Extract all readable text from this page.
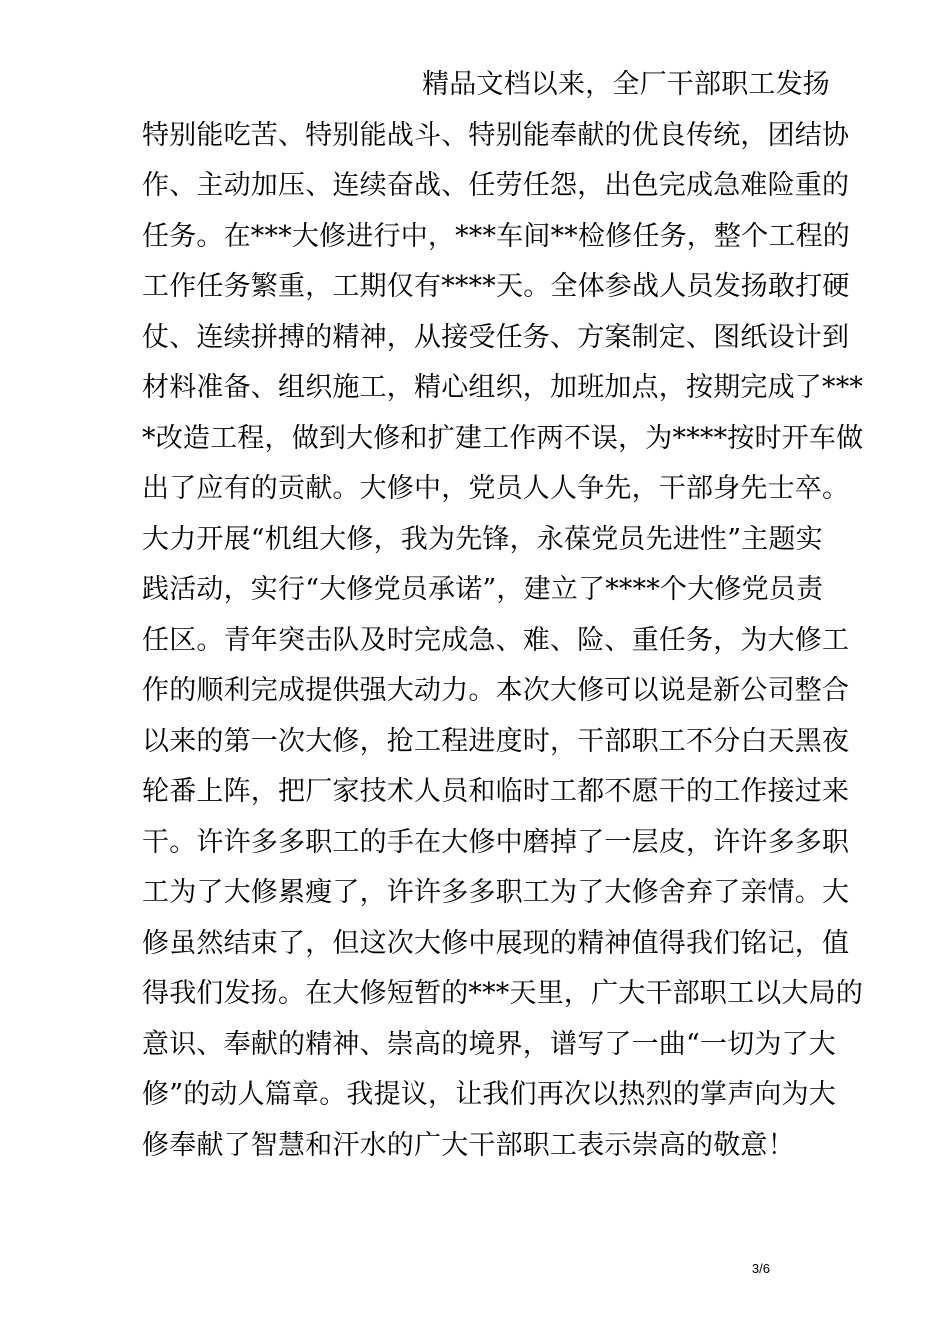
精品文档以来，全厂干部职工发扬
特别能吃苦、特别能战斗、特别能奉献的优良传统，团结协
作、主动加压、连续奋战、任劳任怨，出色完成急难险重的
任务。在***大修进行中，***车间**检修任务，整个工程的
工作任务繁重，工期仅有****天。全体参战人员发扬敢打硬
仗、连续拼搏的精神，从接受任务、方案制定、图纸设计到
材料准备、组织施工，精心组织，加班加点，按期完成了***
*改造工程，做到大修和扩建工作两不误，为****按时开车做
出了应有的贡献。大修中，党员人人争先，干部身先士卒。
大力开展“机组大修，我为先锋，永葆党员先进性”主题实
践活动，实行“大修党员承诺”，建立了****个大修党员责
任区。青年突击队及时完成急、难、险、重任务，为大修工
作的顺利完成提供强大动力。本次大修可以说是新公司整合
以来的第一次大修，抢工程进度时，干部职工不分白天黑夜
轮番上阵，把厂家技术人员和临时工都不愿干的工作接过来
干。许许多多职工的手在大修中磨掉了一层皮，许许多多职
工为了大修累瘦了，许许多多职工为了大修舍弃了亲情。大
修虽然结束了，但这次大修中展现的精神值得我们铭记，值
得我们发扬。在大修短暂的***天里，广大干部职工以大局的
意识、奉献的精神、崇高的境界，谱写了一曲“一切为了大
修”的动人篇章。我提议，让我们再次以热烈的掌声向为大
修奉献了智慧和汗水的广大干部职工表示崇高的敬意！
3/6
